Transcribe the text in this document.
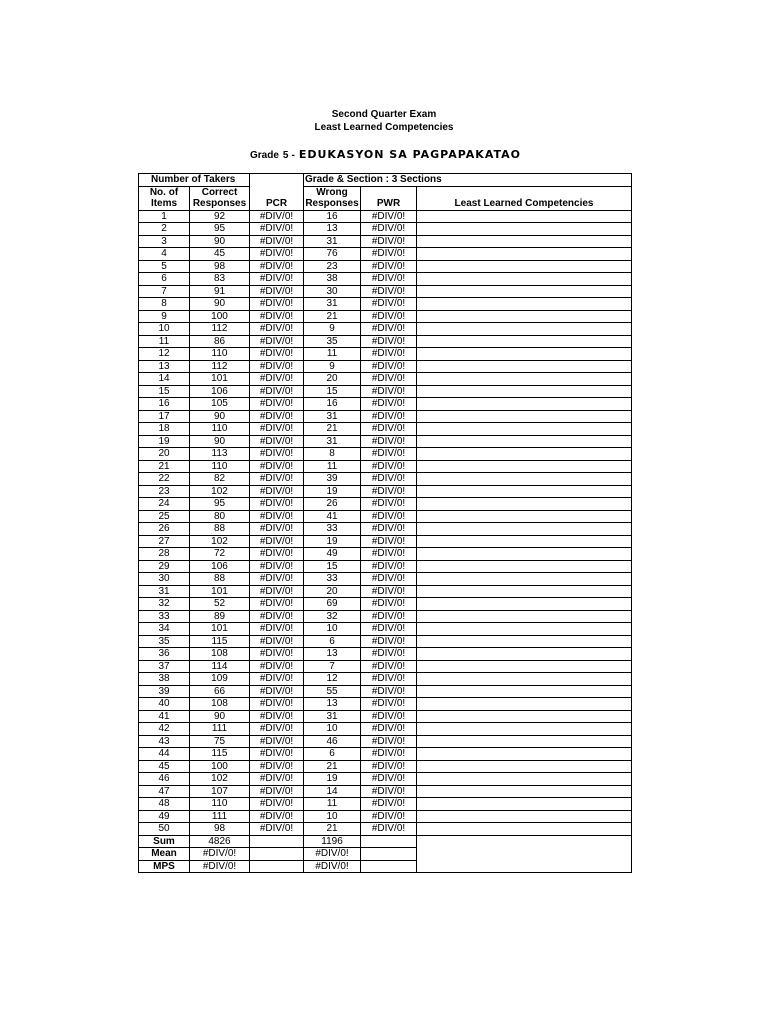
Second Quarter Exam
Least Learned Competencies
Grade 5 - EDUKASYON SA PAGPAPAKATAO
Number of Takers			Grade & Section : 3 Sections		
No. of	Correct		Wrong		
Items	Responses	PCR	Responses	PWR	Least Learned Competencies
1	92	#DIV/0!	16	#DIV/0!	
2	95	#DIV/0!	13	#DIV/0!	
3	90	#DIV/0!	31	#DIV/0!	
4	45	#DIV/0!	76	#DIV/0!	
5	98	#DIV/0!	23	#DIV/0!	
6	83	#DIV/0!	38	#DIV/0!	
7	91	#DIV/0!	30	#DIV/0!	
8	90	#DIV/0!	31	#DIV/0!	
9	100	#DIV/0!	21	#DIV/0!	
10	112	#DIV/0!	9	#DIV/0!	
11	86	#DIV/0!	35	#DIV/0!	
12	110	#DIV/0!	11	#DIV/0!	
13	112	#DIV/0!	9	#DIV/0!	
14	101	#DIV/0!	20	#DIV/0!	
15	106	#DIV/0!	15	#DIV/0!	
16	105	#DIV/0!	16	#DIV/0!	
17	90	#DIV/0!	31	#DIV/0!	
18	110	#DIV/0!	21	#DIV/0!	
19	90	#DIV/0!	31	#DIV/0!	
20	113	#DIV/0!	8	#DIV/0!	
21	110	#DIV/0!	11	#DIV/0!	
22	82	#DIV/0!	39	#DIV/0!	
23	102	#DIV/0!	19	#DIV/0!	
24	95	#DIV/0!	26	#DIV/0!	
25	80	#DIV/0!	41	#DIV/0!	
26	88	#DIV/0!	33	#DIV/0!	
27	102	#DIV/0!	19	#DIV/0!	
28	72	#DIV/0!	49	#DIV/0!	
29	106	#DIV/0!	15	#DIV/0!	
30	88	#DIV/0!	33	#DIV/0!	
31	101	#DIV/0!	20	#DIV/0!	
32	52	#DIV/0!	69	#DIV/0!	
33	89	#DIV/0!	32	#DIV/0!	
34	101	#DIV/0!	10	#DIV/0!	
35	115	#DIV/0!	6	#DIV/0!	
36	108	#DIV/0!	13	#DIV/0!	
37	114	#DIV/0!	7	#DIV/0!	
38	109	#DIV/0!	12	#DIV/0!	
39	66	#DIV/0!	55	#DIV/0!	
40	108	#DIV/0!	13	#DIV/0!	
41	90	#DIV/0!	31	#DIV/0!	
42	111	#DIV/0!	10	#DIV/0!	
43	75	#DIV/0!	46	#DIV/0!	
44	115	#DIV/0!	6	#DIV/0!	
45	100	#DIV/0!	21	#DIV/0!	
46	102	#DIV/0!	19	#DIV/0!	
47	107	#DIV/0!	14	#DIV/0!	
48	110	#DIV/0!	11	#DIV/0!	
49	111	#DIV/0!	10	#DIV/0!	
50	98	#DIV/0!	21	#DIV/0!	
Sum	4826		1196		
Mean	#DIV/0!		#DIV/0!		
MPS	#DIV/0!		#DIV/0!		
